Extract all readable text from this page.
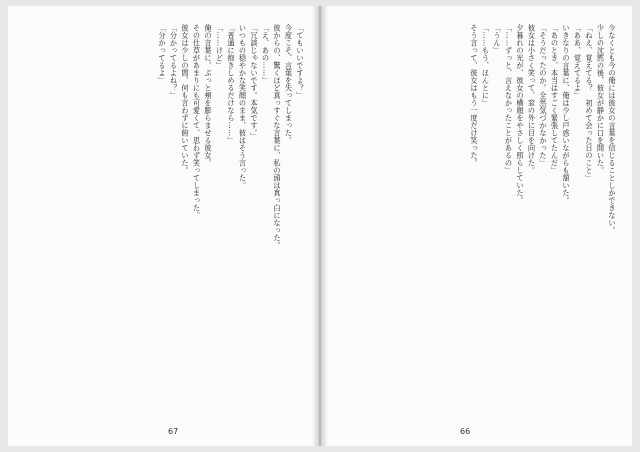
「てもいいですよ？」

今度こそ、言葉を失ってしまった。

彼からの、驚くほど真っすぐな言葉に、私の頭は真っ白になった。

「え、あの……」

「冗談じゃないです。本気です。」

いつもの穏やかな笑顔のまま、彼はそう言った。

「普通に抱きしめるだけなら……」

「……けど」

俺の言葉に、ぶっと頬を膨らませる彼女。

その仕草があまりにも可愛くて、思わず笑ってしまった。

彼女は少しの間、何も言わずに俯いていた。

「分かってるよね？」

「分かってるよ」

67

少なくとも今の俺には彼女の言葉を信じることしかできない。

少しの沈黙の後、彼女が静かに口を開いた。

「ねえ、覚えてる？　初めて会った日のこと」

「ああ、覚えてるよ」

いきなりの言葉に、俺は少し戸惑いながらも頷いた。

「あのとき、本当はすごく緊張してたんだ」

「そうだったのか。全然気づかなかった」

彼女は小さく笑って、窓の外に目を向けた。

夕暮れの光が、彼女の横顔をやさしく照らしていた。

「……ずっと、言えなかったことがあるの」

「うん」

「……もう、ほんとに」

そう言って、彼女はもう一度だけ笑った。

66
